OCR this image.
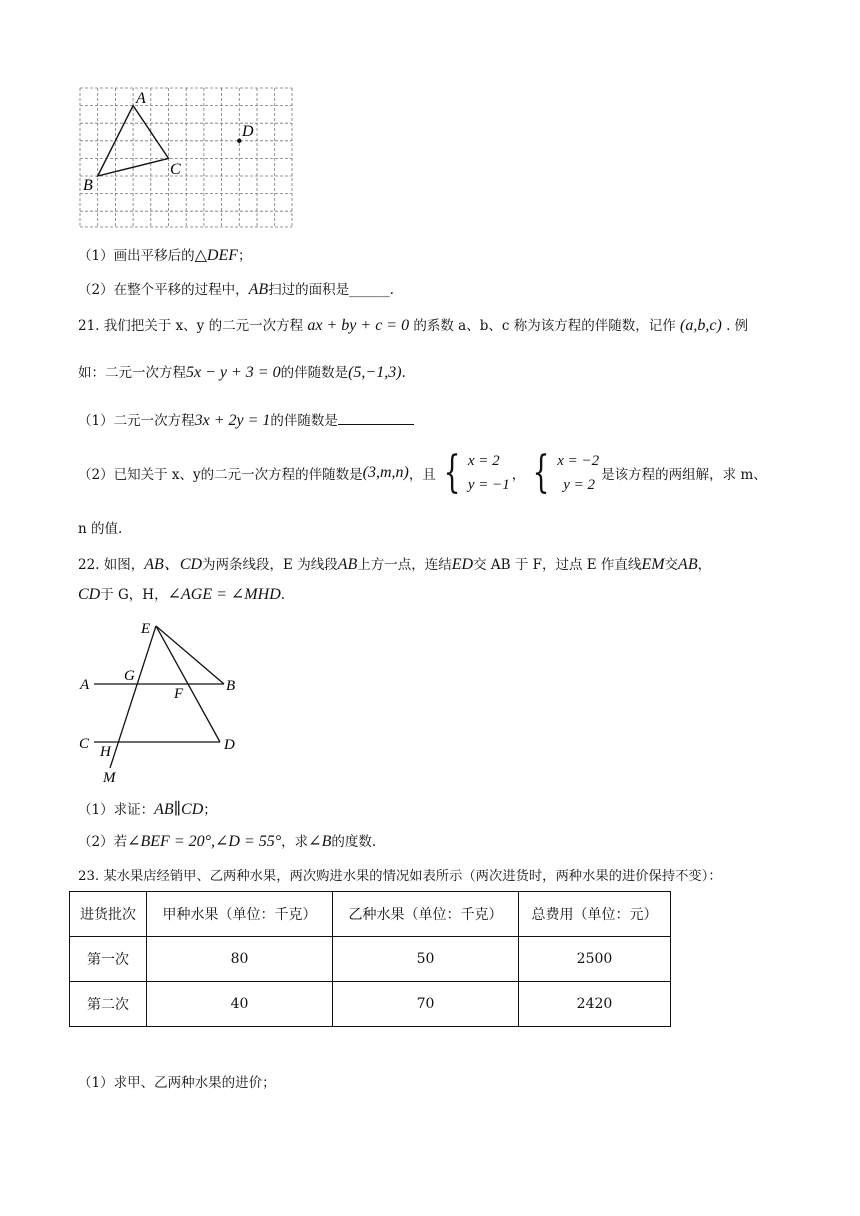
A
B
C
D
（1）画出平移后的△DEF；
（2）在整个平移的过程中，AB扫过的面积是______.
21. 我们把关于 x、y 的二元一次方程 ax + by + c = 0 的系数 a、b、c 称为该方程的伴随数，记作 (a,b,c) . 例
如：二元一次方程5x − y + 3 = 0的伴随数是(5,−1,3).
（1）二元一次方程3x + 2y = 1的伴随数是
（2）已知关于 x、y的二元一次方程的伴随数是 (3,m,n) ，且 { x = 2
y = −1
， { x = −2
y = 2
是该方程的两组解，求 m、
n 的值.
22. 如图，AB、CD为两条线段，E 为线段AB上方一点，连结ED交 AB 于 F，过点 E 作直线EM交AB，
CD于 G，H，∠AGE = ∠MHD.
E
G
A	B
F
C H	D
M
（1）求证：AB∥CD；
（2）若∠BEF = 20°,∠D = 55°，求∠B的度数.
23. 某水果店经销甲、乙两种水果，两次购进水果的情况如表所示（两次进货时，两种水果的进价保持不变）：
进货批次	甲种水果（单位：千克）	乙种水果（单位：千克）	总费用（单位：元）
第一次	80	50	2500
第二次	40	70	2420
（1）求甲、乙两种水果的进价；
